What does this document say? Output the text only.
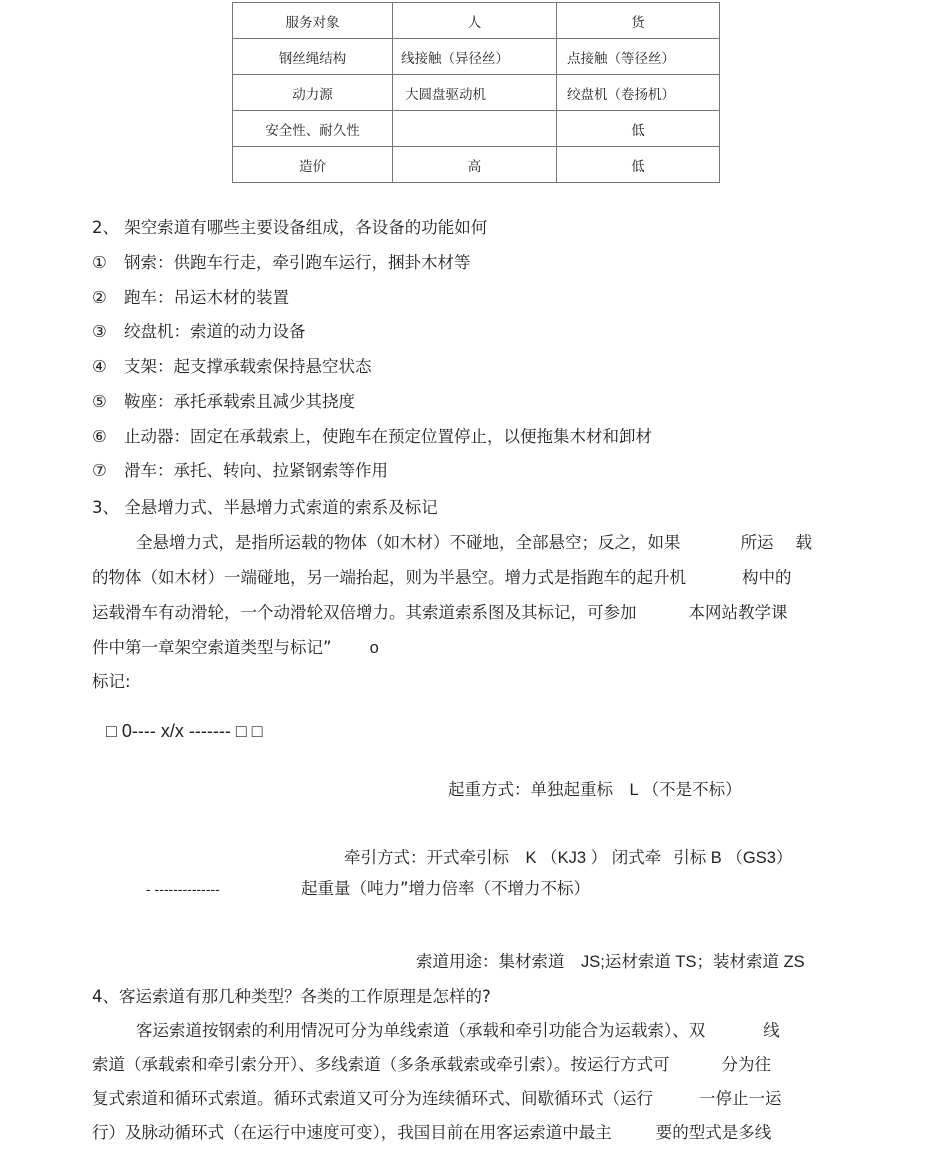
服务对象	人	货
钢丝绳结构	线接触（异径丝）	点接触（等径丝）
动力源	大圆盘驱动机	绞盘机（卷扬机）
安全性、耐久性		低
造价	高	低
2、 架空索道有哪些主要设备组成，各设备的功能如何
① 钢索：供跑车行走，牵引跑车运行，捆卦木材等
② 跑车：吊运木材的装置
③ 绞盘机：索道的动力设备
④ 支架：起支撑承载索保持悬空状态
⑤ 鞍座：承托承载索且减少其挠度
⑥ 止动器：固定在承载索上，使跑车在预定位置停止，以便拖集木材和卸材
⑦ 滑车：承托、转向、拉紧钢索等作用
3、 全悬增力式、半悬增力式索道的索系及标记
全悬增力式，是指所运载的物体（如木材）不碰地，全部悬空；反之，如果	所运 载
的物体（如木材）一端碰地，另一端抬起，则为半悬空。增力式是指跑车的起升机	构中的
运载滑车有动滑轮，一个动滑轮双倍增力。其索道索系图及其标记，可参加	本网站教学课
件中第一章架空索道类型与标记” o
标记:
□ 0---- x/x ------- □ □
起重方式：单独起重标　L （不是不标）
牵引方式：开式牵引标　K （KJ3 ） 闭式牵 引标 B （GS3）
- --------------	起重量（吨力”增力倍率（不增力不标）
索道用途：集材索道　JS;运材索道 TS；装材索道 ZS
4、客运索道有那几种类型？各类的工作原理是怎样的?
客运索道按钢索的利用情况可分为单线索道（承载和牵引功能合为运载索）、双	线
索道（承载索和牵引索分开）、多线索道（多条承载索或牵引索）。按运行方式可	分为往
复式索道和循环式索道。循环式索道又可分为连续循环式、间歇循环式（运行	一停止一运
行）及脉动循环式（在运行中速度可变），我国目前在用客运索道中最主	要的型式是多线
